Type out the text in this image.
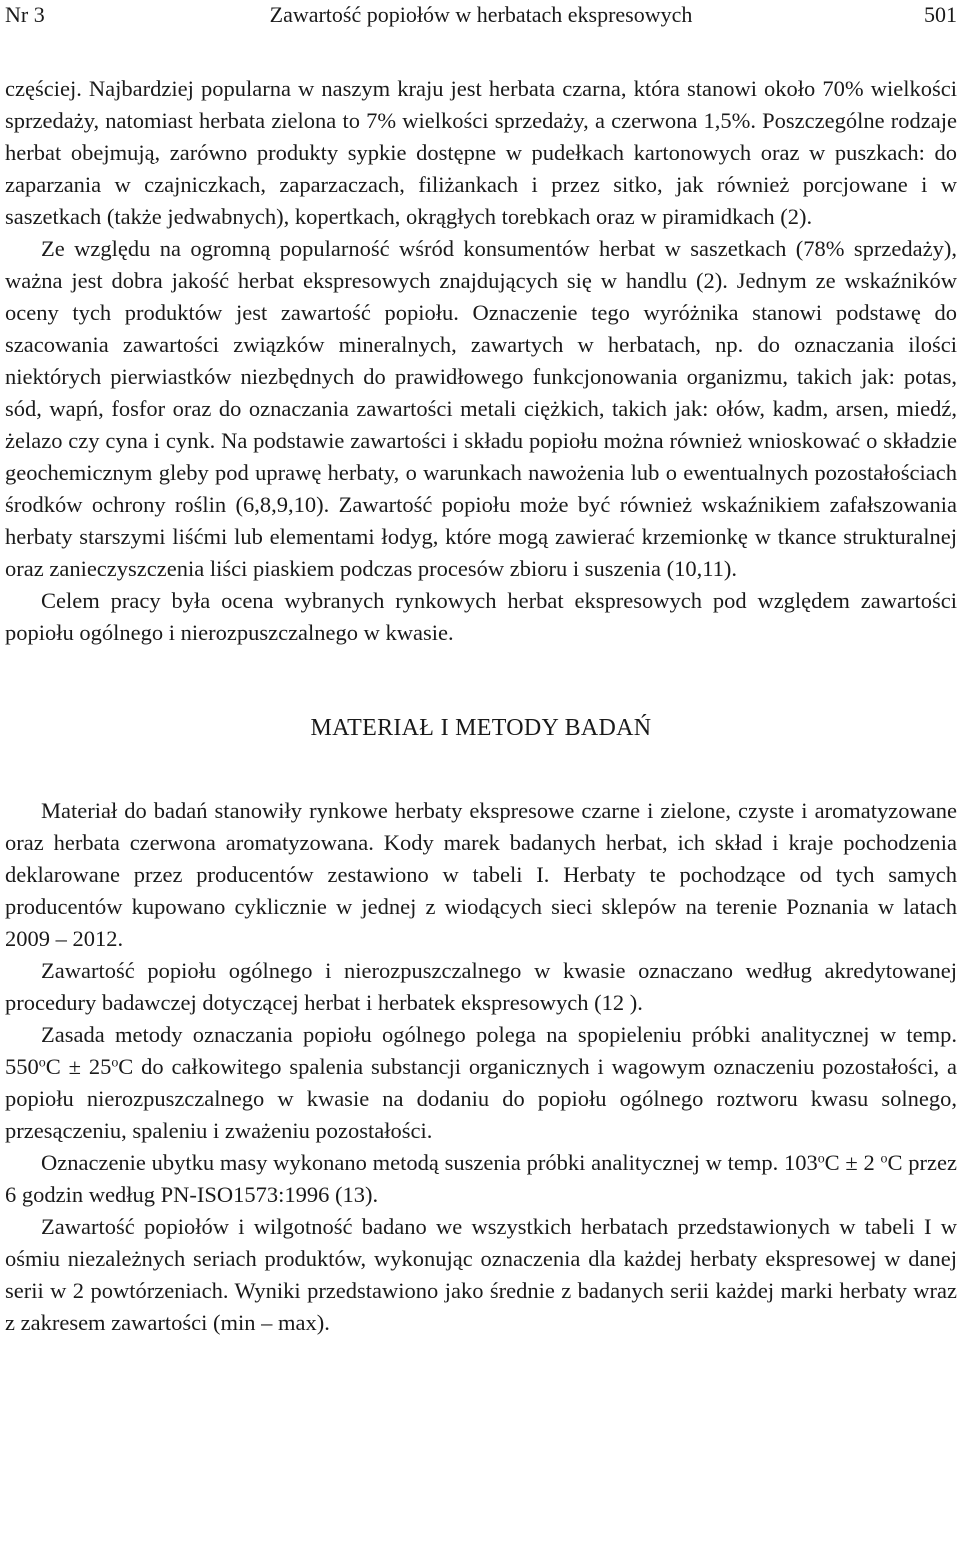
Nr 3	Zawartość popiołów w herbatach ekspresowych	501

częściej. Najbardziej popularna w naszym kraju jest herbata czarna, która stanowi około 70% wielkości sprzedaży, natomiast herbata zielona to 7% wielkości sprzedaży, a czerwona 1,5%. Poszczególne rodzaje herbat obejmują, zarówno produkty sypkie dostępne w pudełkach kartonowych oraz w puszkach: do zaparzania w czajniczkach, zaparzaczach, filiżankach i przez sitko, jak również porcjowane i w saszetkach (także jedwabnych), kopertkach, okrągłych torebkach oraz w piramidkach (2).

Ze względu na ogromną popularność wśród konsumentów herbat w saszetkach (78% sprzedaży), ważna jest dobra jakość herbat ekspresowych znajdujących się w handlu (2). Jednym ze wskaźników oceny tych produktów jest zawartość popiołu. Oznaczenie tego wyróżnika stanowi podstawę do szacowania zawartości związków mineralnych, zawartych w herbatach, np. do oznaczania ilości niektórych pierwiastków niezbędnych do prawidłowego funkcjonowania organizmu, takich jak: potas, sód, wapń, fosfor oraz do oznaczania zawartości metali ciężkich, takich jak: ołów, kadm, arsen, miedź, żelazo czy cyna i cynk. Na podstawie zawartości i składu popiołu można również wnioskować o składzie geochemicznym gleby pod uprawę herbaty, o warunkach nawożenia lub o ewentualnych pozostałościach środków ochrony roślin (6,8,9,10). Zawartość popiołu może być również wskaźnikiem zafałszowania herbaty starszymi liśćmi lub elementami łodyg, które mogą zawierać krzemionkę w tkance strukturalnej oraz zanieczyszczenia liści piaskiem podczas procesów zbioru i suszenia (10,11).

Celem pracy była ocena wybranych rynkowych herbat ekspresowych pod względem zawartości popiołu ogólnego i nierozpuszczalnego w kwasie.

MATERIAŁ I METODY BADAŃ

Materiał do badań stanowiły rynkowe herbaty ekspresowe czarne i zielone, czyste i aromatyzowane oraz herbata czerwona aromatyzowana. Kody marek badanych herbat, ich skład i kraje pochodzenia deklarowane przez producentów zestawiono w tabeli I. Herbaty te pochodzące od tych samych producentów kupowano cyklicznie w jednej z wiodących sieci sklepów na terenie Poznania w latach 2009 – 2012.

Zawartość popiołu ogólnego i nierozpuszczalnego w kwasie oznaczano według akredytowanej procedury badawczej dotyczącej herbat i herbatek ekspresowych (12 ).

Zasada metody oznaczania popiołu ogólnego polega na spopieleniu próbki analitycznej w temp. $550^oC \pm 25^oC$ do całkowitego spalenia substancji organicznych i wagowym oznaczeniu pozostałości, a popiołu nierozpuszczalnego w kwasie na dodaniu do popiołu ogólnego roztworu kwasu solnego, przesączeniu, spaleniu i zważeniu pozostałości.

Oznaczenie ubytku masy wykonano metodą suszenia próbki analitycznej w temp. $103^oC \pm 2$ $^o$C przez 6 godzin według PN-ISO1573:1996 (13).

Zawartość popiołów i wilgotność badano we wszystkich herbatach przedstawionych w tabeli I w ośmiu niezależnych seriach produktów, wykonując oznaczenia dla każdej herbaty ekspresowej w danej serii w 2 powtórzeniach. Wyniki przedstawiono jako średnie z badanych serii każdej marki herbaty wraz z zakresem zawartości (min – max).
